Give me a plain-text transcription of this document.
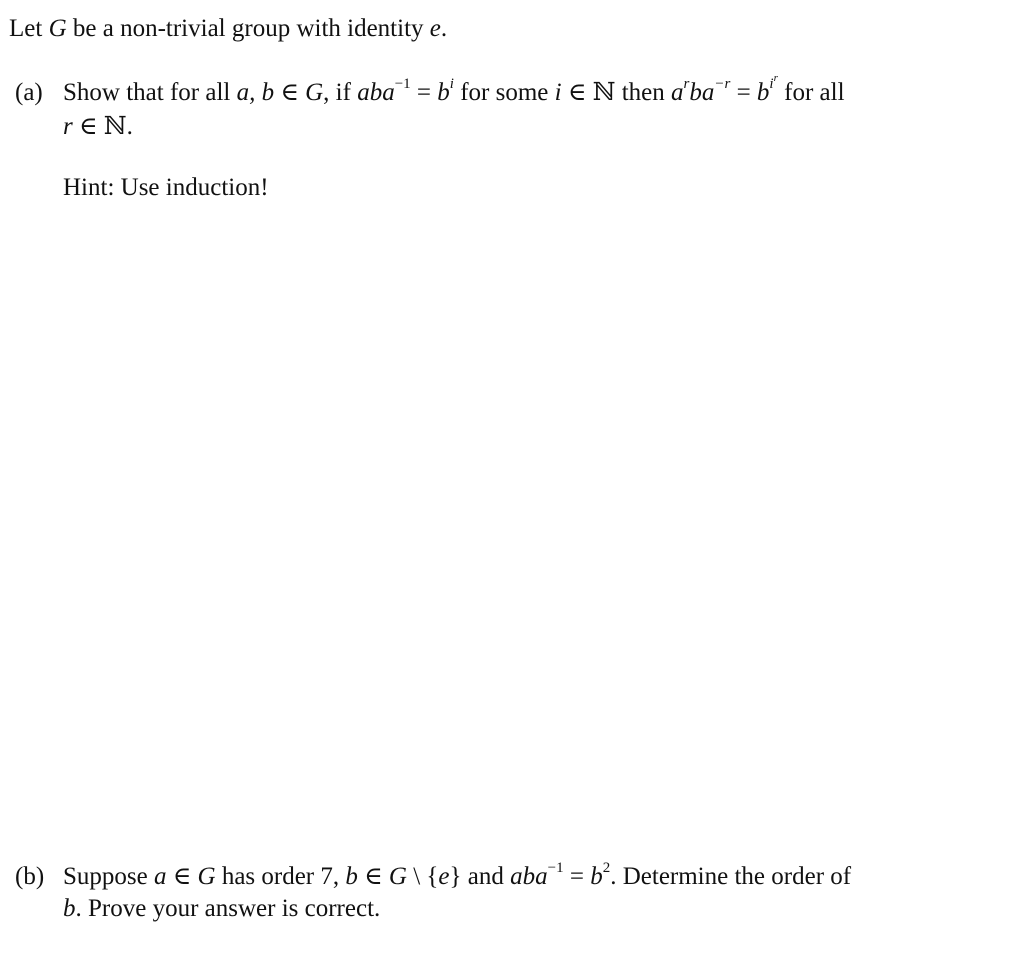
Let G be a non-trivial group with identity e.
(a) Show that for all a, b ∈ G, if $aba^{-1} = b^i$ for some i ∈ ℕ then $a^rba^{-r} = b^{i^r}$ for all
r ∈ ℕ.
Hint: Use induction!
(b) Suppose a ∈ G has order 7, b ∈ G \ {e} and $aba^{-1} = b^2$. Determine the order of
b. Prove your answer is correct.
